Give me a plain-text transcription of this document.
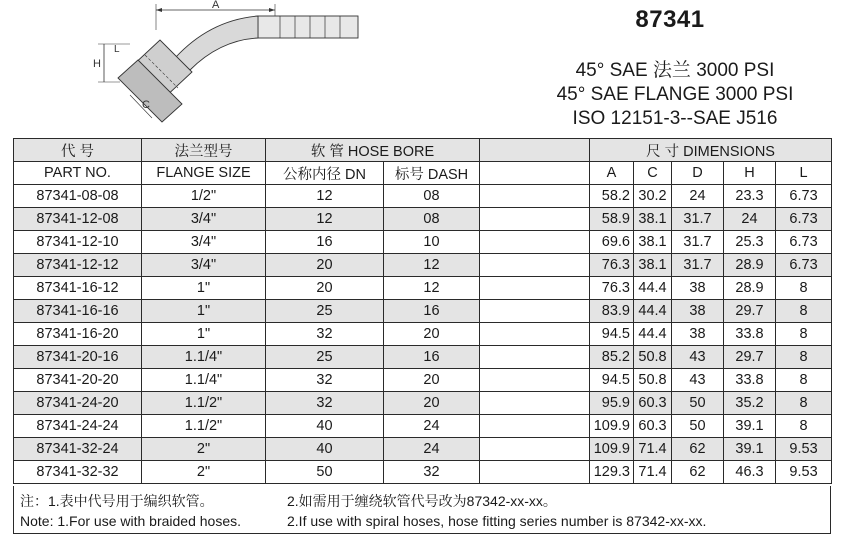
A
H
L
C
87341
45° SAE 法兰 3000 PSI
45° SAE FLANGE 3000 PSI
ISO 12151-3--SAE J516
代 号	法兰型号	软 管 HOSE BORE			尺 寸 DIMENSIONS				
PART NO.	FLANGE SIZE	公称内径 DN	标号 DASH		A	C	D	H	L
87341-08-08	1/2"	12	08		58.2	30.2	24	23.3	6.73
87341-12-08	3/4"	12	08		58.9	38.1	31.7	24	6.73
87341-12-10	3/4"	16	10		69.6	38.1	31.7	25.3	6.73
87341-12-12	3/4"	20	12		76.3	38.1	31.7	28.9	6.73
87341-16-12	1"	20	12		76.3	44.4	38	28.9	8
87341-16-16	1"	25	16		83.9	44.4	38	29.7	8
87341-16-20	1"	32	20		94.5	44.4	38	33.8	8
87341-20-16	1.1/4"	25	16		85.2	50.8	43	29.7	8
87341-20-20	1.1/4"	32	20		94.5	50.8	43	33.8	8
87341-24-20	1.1/2"	32	20		95.9	60.3	50	35.2	8
87341-24-24	1.1/2"	40	24		109.9	60.3	50	39.1	8
87341-32-24	2"	40	24		109.9	71.4	62	39.1	9.53
87341-32-32	2"	50	32		129.3	71.4	62	46.3	9.53
注：1.表中代号用于编织软管。	2.如需用于缠绕软管代号改为87342-xx-xx。
Note: 1.For use with braided hoses.	2.If use with spiral hoses, hose fitting series number is 87342-xx-xx.
